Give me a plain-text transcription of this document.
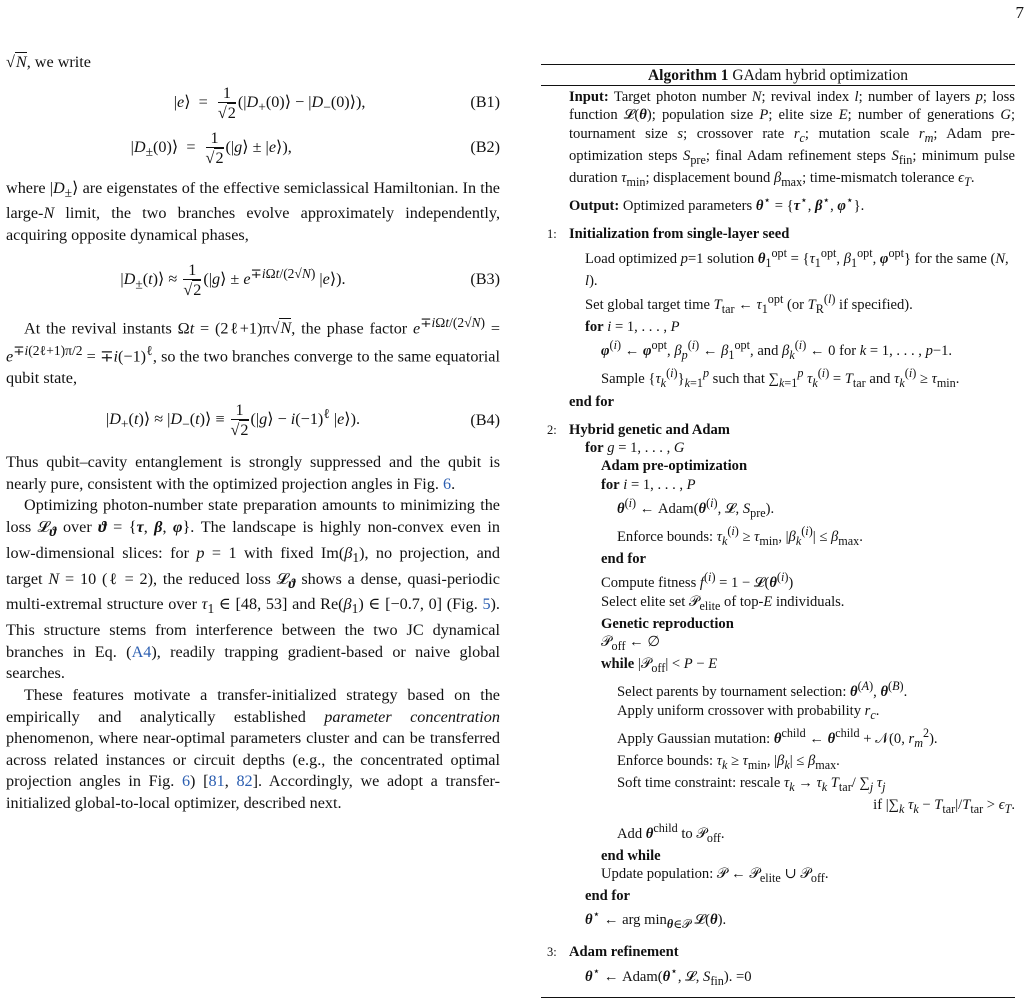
7

√N, we write

|e⟩  = $\frac{1}{√2}$ ($|D_+(0)⟩$ − $|D_-(0)⟩$),	(B1)
$|D_\pm(0)⟩ = \frac{1}{√2}$ (|g⟩ ± |e⟩),	(B2)

where $|D_\pm⟩$ are eigenstates of the effective semiclassical Hamiltonian. In the large-N limit, the two branches evolve approximately independently, acquiring opposite dynamical phases,

$|D_\pm(t)⟩ \approx \frac{1}{√2}$ (|g⟩ ± $e^{\mp i\Omega t/(2√N)}$ |e⟩).	(B3)

At the revival instants Ωt = (2ℓ+1)π√N, the phase factor $e^{\mp i\Omega t/(2√N)} = e^{\mp i(2\ell+1)\pi/2} = \mp i(-1)^\ell$, so the two branches converge to the same equatorial qubit state,

$|D_+(t)⟩$ ≈ $|D_-(t)⟩ \equiv \frac{1}{√2}$ (|g⟩ − $i(-1)^\ell$ |e⟩).	(B4)

Thus qubit–cavity entanglement is strongly suppressed and the qubit is nearly pure, consistent with the optimized projection angles in Fig. 6.

Optimizing photon-number state preparation amounts to minimizing the loss 𝓛$_ϑ$ over ϑ = {τ, β, φ}. The landscape is highly non-convex even in low-dimensional slices: for p = 1 with fixed $Im(\beta_1)$, no projection, and target N = 10 (ℓ = 2), the reduced loss 𝓛$_ϑ$ shows a dense, quasi-periodic multi-extremal structure over $\tau_1$ ∈ [48, 53] and $Re(\beta_1)$ ∈ [−0.7, 0] (Fig. 5). This structure stems from interference between the two JC dynamical branches in Eq. (A4), readily trapping gradient-based or naive global searches.

These features motivate a transfer-initialized strategy based on the empirically and analytically established parameter concentration phenomenon, where near-optimal parameters cluster and can be transferred across related instances or circuit depths (e.g., the concentrated optimal projection angles in Fig. 6) [81, 82]. Accordingly, we adopt a transfer-initialized global-to-local optimizer, described next.

Algorithm 1 GAdam hybrid optimization

Input: Target photon number N; revival index l; number of layers p; loss function 𝓛(θ); population size P; elite size E; number of generations G; tournament size s; crossover rate $r_c$; mutation scale $r_m$; Adam pre-optimization steps $S_{pre}$; final Adam refinement steps $S_{fin}$; minimum pulse duration $\tau_{min}$; displacement bound $\beta_{max}$; time-mismatch tolerance $\epsilon_T$.

Output: Optimized parameters θ⋆ = {τ⋆, β⋆, φ⋆}.

1: Initialization from single-layer seed
Load optimized p=1 solution $\theta_1^{opt} = \{\tau_1^{opt}$, $\beta_1^{opt}$, $\varphi^{opt}$} for the same (N, l).
Set global target time $T_{tar}$ ← $\tau_1^{opt}$ (or $T_R^{(l)}$ if specified).
for i = 1, . . . , P
$\varphi^{(i)}$ ← $\varphi^{opt}$, $\beta_p^{(i)}$ ← $\beta_1^{opt}$, and $\beta_k^{(i)}$ ← 0 for k = 1, . . . , p−1.
Sample $\{\tau_k^{(i)}\}_{k=1}^p$ such that $\sum_{k=1}^p$ $\tau_k^{(i)} = T_{tar}$ and $\tau_k^{(i)} \ge \tau_{min}$.
end for
2: Hybrid genetic and Adam
for g = 1, . . . , G
Adam pre-optimization
for i = 1, . . . , P
$\theta^{(i)}$ ← $Adam(\theta^{(i)}$, 𝓛, $S_{pre}$).
Enforce bounds: $\tau_k^{(i)} \ge \tau_{min}$, $|\beta_k^{(i)}| \le \beta_{max}$.
end for
Compute fitness $f^{(i)} = 1$ − $𝓛(\theta^{(i)})$
Select elite set 𝒫$_{elite}$ of top-E individuals.
Genetic reproduction
𝒫$_{off}$ ← ∅
while |𝒫$_{off}$| < P − E
Select parents by tournament selection: $\theta^{(A)}$, $\theta^{(B)}$.
Apply uniform crossover with probability $r_c$.
Apply Gaussian mutation: $\theta^{child}$ ← $\theta^{child}$ + 𝒩(0, $r_m^2$).
Enforce bounds: $\tau_k \ge \tau_{min}$, $|\beta_k| \le \beta_{max}$.
Soft time constraint: rescale $\tau_k \to \tau_k$ $T_{tar}/$ $\sum_j$ $\tau_j$
if $|\sum_k$ $\tau_k - T_{tar}|/T_{tar} > \epsilon_T$.
Add $\theta^{child}$ to 𝒫$_{off}$.
end while
Update population: 𝒫 ← 𝒫$_{elite}$ ∪ 𝒫$_{off}$.
end for
θ⋆ ← arg $\min_{\theta\in 𝒫}$ 𝓛(θ).
3: Adam refinement
θ⋆ ← Adam(θ⋆, 𝓛, $S_{fin}$). =0
